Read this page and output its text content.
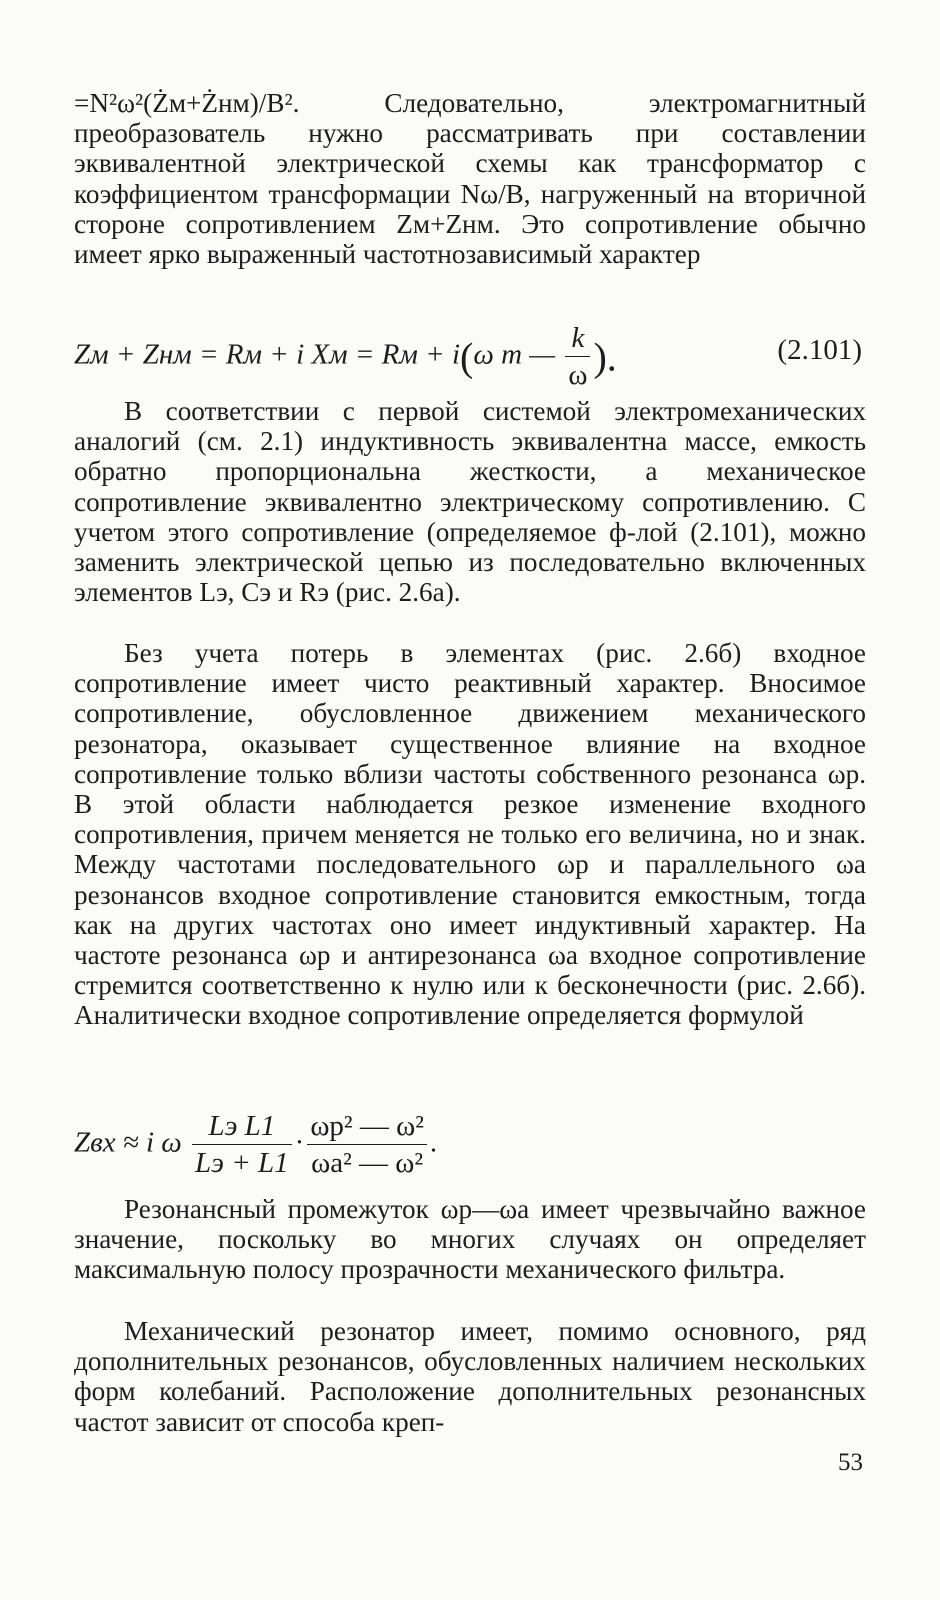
=N²ω²(Żм+Żнм)/B². Следовательно, электромагнитный преобразователь нужно рассматривать при составлении эквивалентной электрической схемы как трансформатор с коэффициентом трансформации Nω/B, нагруженный на вторичной стороне сопротивлением Zм+Zнм. Это сопротивление обычно имеет ярко выраженный частотнозависимый характер

Zм + Zнм = Rм + i Xм = Rм + i(ω m — $\frac{k}{\omega}$ ).	(2.101)

В соответствии с первой системой электромеханических аналогий (см. 2.1) индуктивность эквивалентна массе, емкость обратно пропорциональна жесткости, а механическое сопротивление эквивалентно электрическому сопротивлению. С учетом этого сопротивление (определяемое ф-лой (2.101), можно заменить электрической цепью из последовательно включенных элементов Lэ, Cэ и Rэ (рис. 2.6а).

Без учета потерь в элементах (рис. 2.6б) входное сопротивление имеет чисто реактивный характер. Вносимое сопротивление, обусловленное движением механического резонатора, оказывает существенное влияние на входное сопротивление только вблизи частоты собственного резонанса ωр. В этой области наблюдается резкое изменение входного сопротивления, причем меняется не только его величина, но и знак. Между частотами последовательного ωр и параллельного ωа резонансов входное сопротивление становится емкостным, тогда как на других частотах оно имеет индуктивный характер. На частоте резонанса ωр и антирезонанса ωа входное сопротивление стремится соответственно к нулю или к бесконечности (рис. 2.6б). Аналитически входное сопротивление определяется формулой

Zвх ≈ i ω $\frac{\text{Lэ L1}}{Lэ + L1} \cdot \frac{\text{ωр² — ω²}}{\text{ωа² — ω²}}$ .

Резонансный промежуток ωр—ωа имеет чрезвычайно важное значение, поскольку во многих случаях он определяет максимальную полосу прозрачности механического фильтра.

Механический резонатор имеет, помимо основного, ряд дополнительных резонансов, обусловленных наличием нескольких форм колебаний. Расположение дополнительных резонансных частот зависит от способа креп-

53
